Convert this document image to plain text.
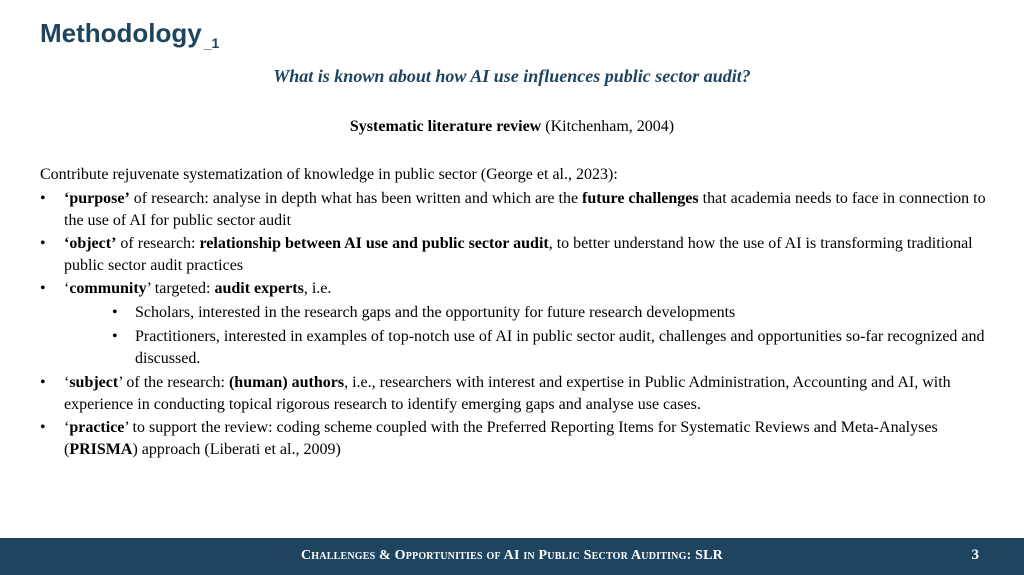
Methodology $_{\_1}$
What is known about how AI use influences public sector audit?
Systematic literature review (Kitchenham, 2004)

Contribute rejuvenate systematization of knowledge in public sector (George et al., 2023):

• ‘purpose’ of research: analyse in depth what has been written and which are the future challenges that academia needs to face in connection to the use of AI for public sector audit
• ‘object’ of research: relationship between AI use and public sector audit, to better understand how the use of AI is transforming traditional public sector audit practices
• ‘community’ targeted: audit experts, i.e.
• Scholars, interested in the research gaps and the opportunity for future research developments
• Practitioners, interested in examples of top-notch use of AI in public sector audit, challenges and opportunities so-far recognized and discussed.
• ‘subject’ of the research: (human) authors, i.e., researchers with interest and expertise in Public Administration, Accounting and AI, with experience in conducting topical rigorous research to identify emerging gaps and analyse use cases.
• ‘practice’ to support the review: coding scheme coupled with the Preferred Reporting Items for Systematic Reviews and Meta-Analyses (PRISMA) approach (Liberati et al., 2009)
Challenges & Opportunities of AI in Public Sector Auditing: SLR	3
